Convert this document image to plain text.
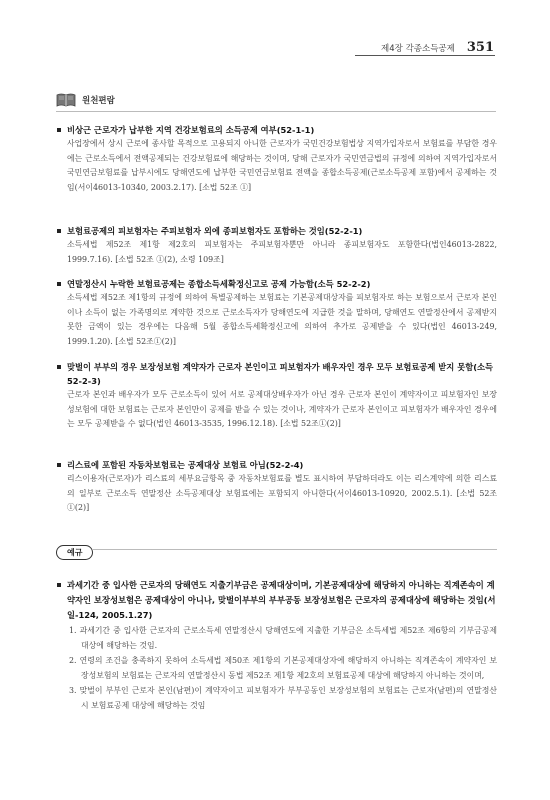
제4장 각종소득공제 351
원천편람
비상근 근로자가 납부한 지역 건강보험료의 소득공제 여부(52-1-1)
사업장에서 상시 근로에 종사할 목적으로 고용되지 아니한 근로자가 국민건강보험법상 지역가입자로서 보험료를 부담한 경우에는 근로소득에서 전액공제되는 건강보험료에 해당하는 것이며, 당해 근로자가 국민연금법의 규정에 의하여 지역가입자로서 국민연금보험료를 납부시에도 당해연도에 납부한 국민연금보험료 전액을 종합소득공제(근로소득공제 포함)에서 공제하는 것임(서이46013-10340, 2003.2.17). [소법 52조 ①]
보험료공제의 피보험자는 주피보험자 외에 종피보험자도 포함하는 것임(52-2-1)
소득세법 제52조 제1항 제2호의 피보험자는 주피보험자뿐만 아니라 종피보험자도 포함한다(법인46013-2822, 1999.7.16). [소법 52조 ①(2), 소령 109조]
연말정산시 누락한 보험료공제는 종합소득세확정신고로 공제 가능함(소득 52-2-2)
소득세법 제52조 제1항의 규정에 의하여 특별공제하는 보험료는 기본공제대상자를 피보험자로 하는 보험으로서 근로자 본인이나 소득이 없는 가족명의로 계약한 것으로 근로소득자가 당해연도에 지급한 것을 말하며, 당해연도 연말정산에서 공제받지 못한 금액이 있는 경우에는 다음해 5월 종합소득세확정신고에 의하여 추가로 공제받을 수 있다(법인 46013-249, 1999.1.20). [소법 52조①(2)]
맞벌이 부부의 경우 보장성보험 계약자가 근로자 본인이고 피보험자가 배우자인 경우 모두 보험료공제 받지 못함(소득 52-2-3)
근로자 본인과 배우자가 모두 근로소득이 있어 서로 공제대상배우자가 아닌 경우 근로자 본인이 계약자이고 피보험자인 보장성보험에 대한 보험료는 근로자 본인만이 공제를 받을 수 있는 것이나, 계약자가 근로자 본인이고 피보험자가 배우자인 경우에는 모두 공제받을 수 없다(법인 46013-3535, 1996.12.18). [소법 52조①(2)]
리스료에 포함된 자동차보험료는 공제대상 보험료 아님(52-2-4)
리스이용자(근로자)가 리스료의 세부요금항목 중 자동차보험료를 별도 표시하여 부담하더라도 이는 리스계약에 의한 리스료의 일부로 근로소득 연말정산 소득공제대상 보험료에는 포함되지 아니한다(서이46013-10920, 2002.5.1). [소법 52조 ①(2)]
예규
과세기간 중 입사한 근로자의 당해연도 지출기부금은 공제대상이며, 기본공제대상에 해당하지 아니하는 직계존속이 계약자인 보장성보험은 공제대상이 아니나, 맞벌이부부의 부부공동 보장성보험은 근로자의 공제대상에 해당하는 것임(서일-124, 2005.1.27)
1. 과세기간 중 입사한 근로자의 근로소득세 연말정산시 당해연도에 지출한 기부금은 소득세법 제52조 제6항의 기부금공제 대상에 해당하는 것임.
2. 연령의 조건을 충족하지 못하여 소득세법 제50조 제1항의 기본공제대상자에 해당하지 아니하는 직계존속이 계약자인 보장성보험의 보험료는 근로자의 연말정산시 동법 제52조 제1항 제2호의 보험료공제 대상에 해당하지 아니하는 것이며,
3. 맞벌이 부부인 근로자 본인(남편)이 계약자이고 피보험자가 부부공동인 보장성보험의 보험료는 근로자(남편)의 연말정산시 보험료공제 대상에 해당하는 것임
